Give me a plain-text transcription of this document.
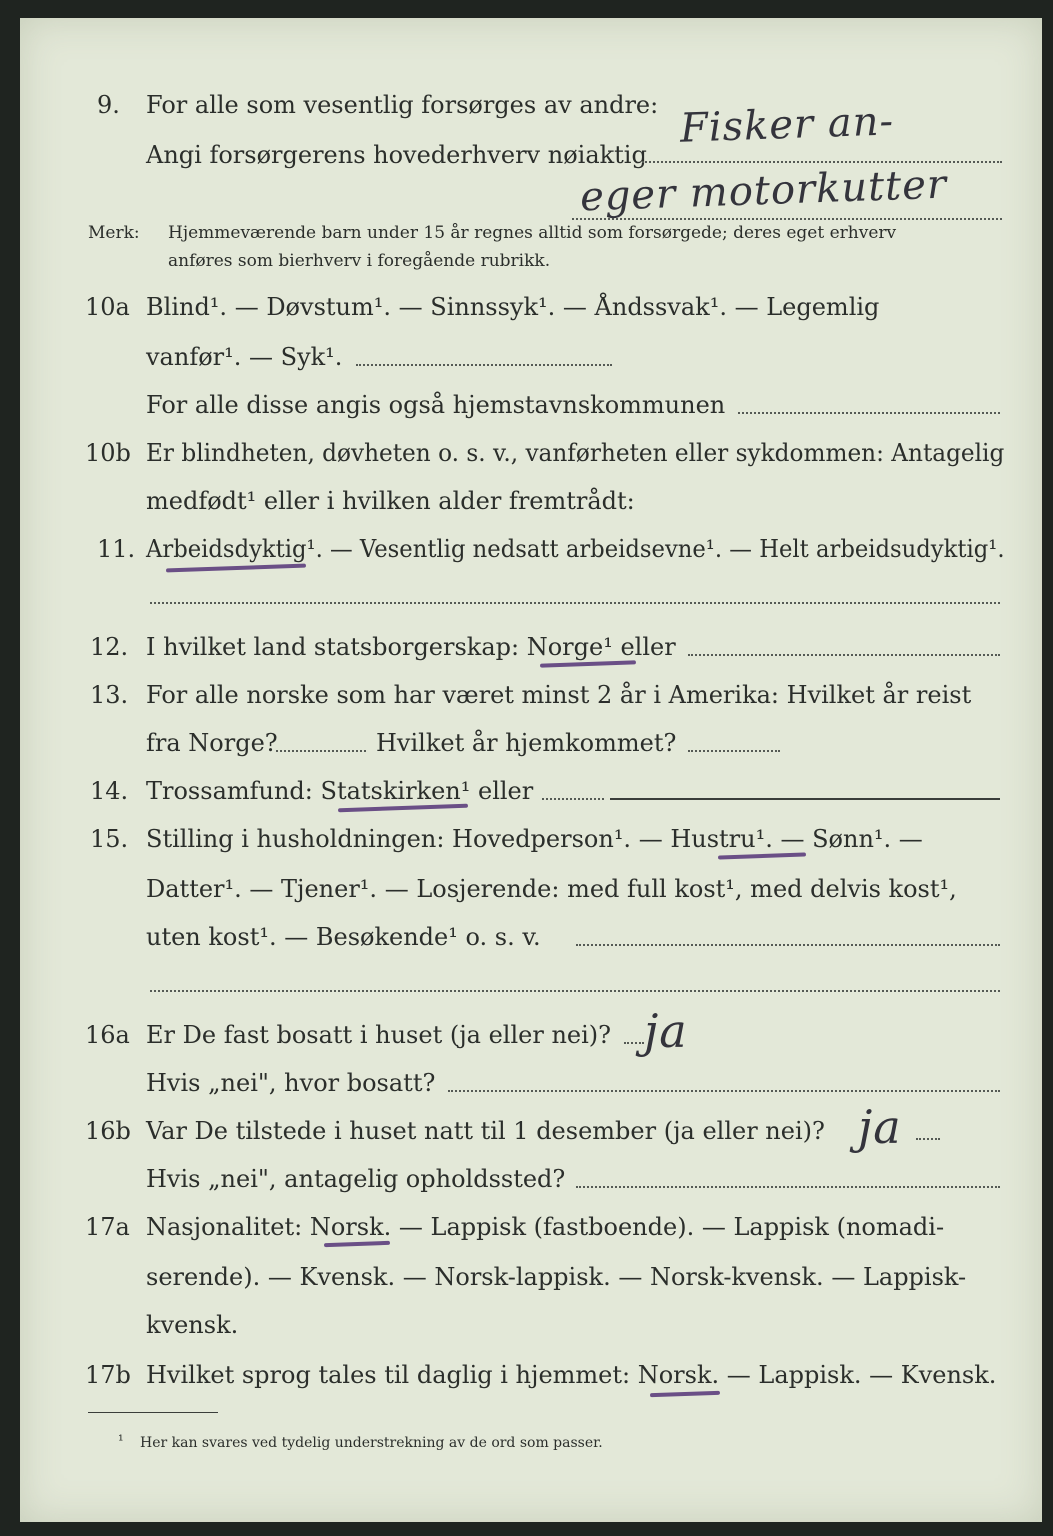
9. For alle som vesentlig forsørges av andre:
Angi forsørgerens hovederhverv nøiaktig
Fisker an-
eger motorkutter
Merk: Hjemmeværende barn under 15 år regnes alltid som forsørgede; deres eget erhverv
anføres som bierhverv i foregående rubrikk.
10a Blind¹. — Døvstum¹. — Sinnssyk¹. — Åndssvak¹. — Legemlig
vanfør¹. — Syk¹.
For alle disse angis også hjemstavnskommunen
10b Er blindheten, døvheten o. s. v., vanførheten eller sykdommen: Antagelig
medfødt¹ eller i hvilken alder fremtrådt:
11. Arbeidsdyktig¹. — Vesentlig nedsatt arbeidsevne¹. — Helt arbeidsudyktig¹.
12. I hvilket land statsborgerskap: Norge¹ eller
13. For alle norske som har været minst 2 år i Amerika: Hvilket år reist
fra Norge?	Hvilket år hjemkommet?
14. Trossamfund: Statskirken¹ eller
15. Stilling i husholdningen: Hovedperson¹. — Hustru¹. — Sønn¹. —
Datter¹. — Tjener¹. — Losjerende: med full kost¹, med delvis kost¹,
uten kost¹. — Besøkende¹ o. s. v.
16a Er De fast bosatt i huset (ja eller nei)? ja
Hvis „nei", hvor bosatt?
16b Var De tilstede i huset natt til 1 desember (ja eller nei)? ja
Hvis „nei", antagelig opholdssted?
17a Nasjonalitet: Norsk. — Lappisk (fastboende). — Lappisk (nomadi-
serende). — Kvensk. — Norsk-lappisk. — Norsk-kvensk. — Lappisk-
kvensk.
17b Hvilket sprog tales til daglig i hjemmet: Norsk. — Lappisk. — Kvensk.
¹ Her kan svares ved tydelig understrekning av de ord som passer.
